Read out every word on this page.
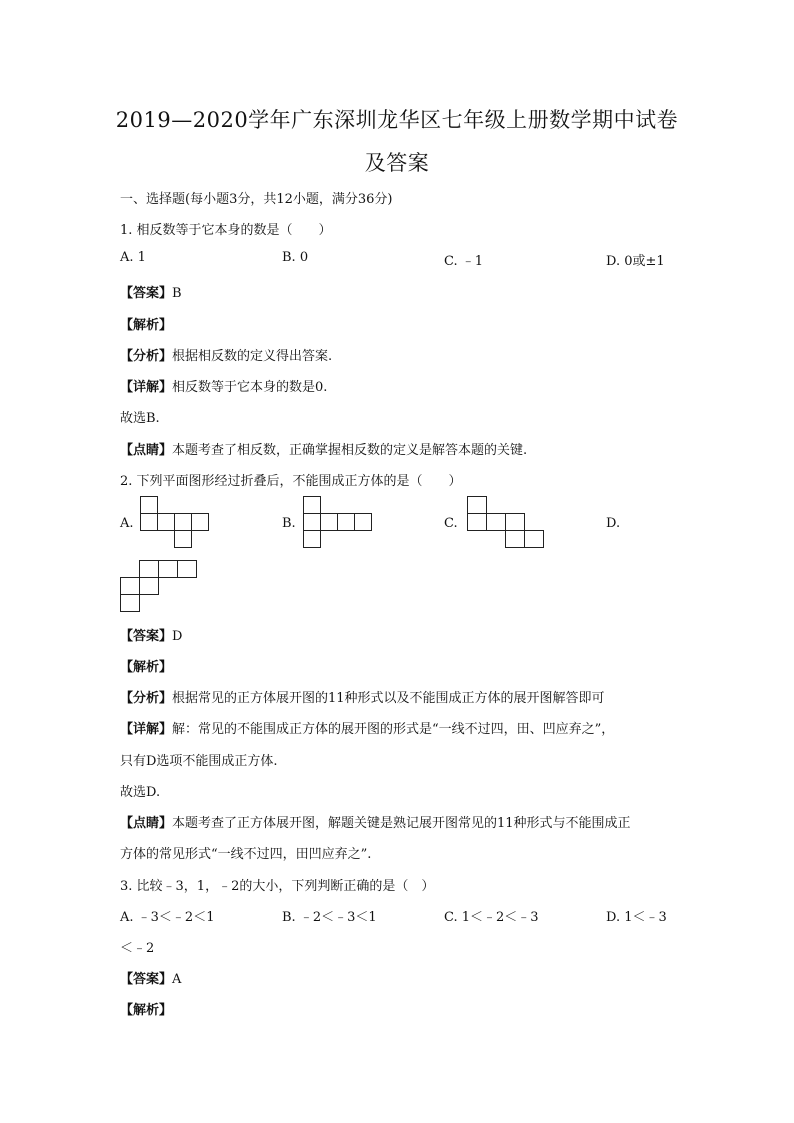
2019—2020学年广东深圳龙华区七年级上册数学期中试卷
及答案
一、选择题(每小题3分，共12小题，满分36分)
1. 相反数等于它本身的数是（　　）
A. 1	B. 0	C. ﹣1	D. 0或±1
【答案】B
【解析】
【分析】根据相反数的定义得出答案.
【详解】相反数等于它本身的数是0.
故选B.
【点睛】本题考查了相反数，正确掌握相反数的定义是解答本题的关键.
2. 下列平面图形经过折叠后，不能围成正方体的是（　　）
A.	B.	C.	D.
【答案】D
【解析】
【分析】根据常见的正方体展开图的11种形式以及不能围成正方体的展开图解答即可
【详解】解：常见的不能围成正方体的展开图的形式是“一线不过四，田、凹应弃之”，
只有D选项不能围成正方体.
故选D.
【点睛】本题考查了正方体展开图，解题关键是熟记展开图常见的11种形式与不能围成正
方体的常见形式“一线不过四，田凹应弃之”.
3. 比较﹣3，1，﹣2的大小，下列判断正确的是（　）
A. ﹣3＜﹣2＜1	B. ﹣2＜﹣3＜1	C. 1＜﹣2＜﹣3	D. 1＜﹣3
＜﹣2
【答案】A
【解析】
